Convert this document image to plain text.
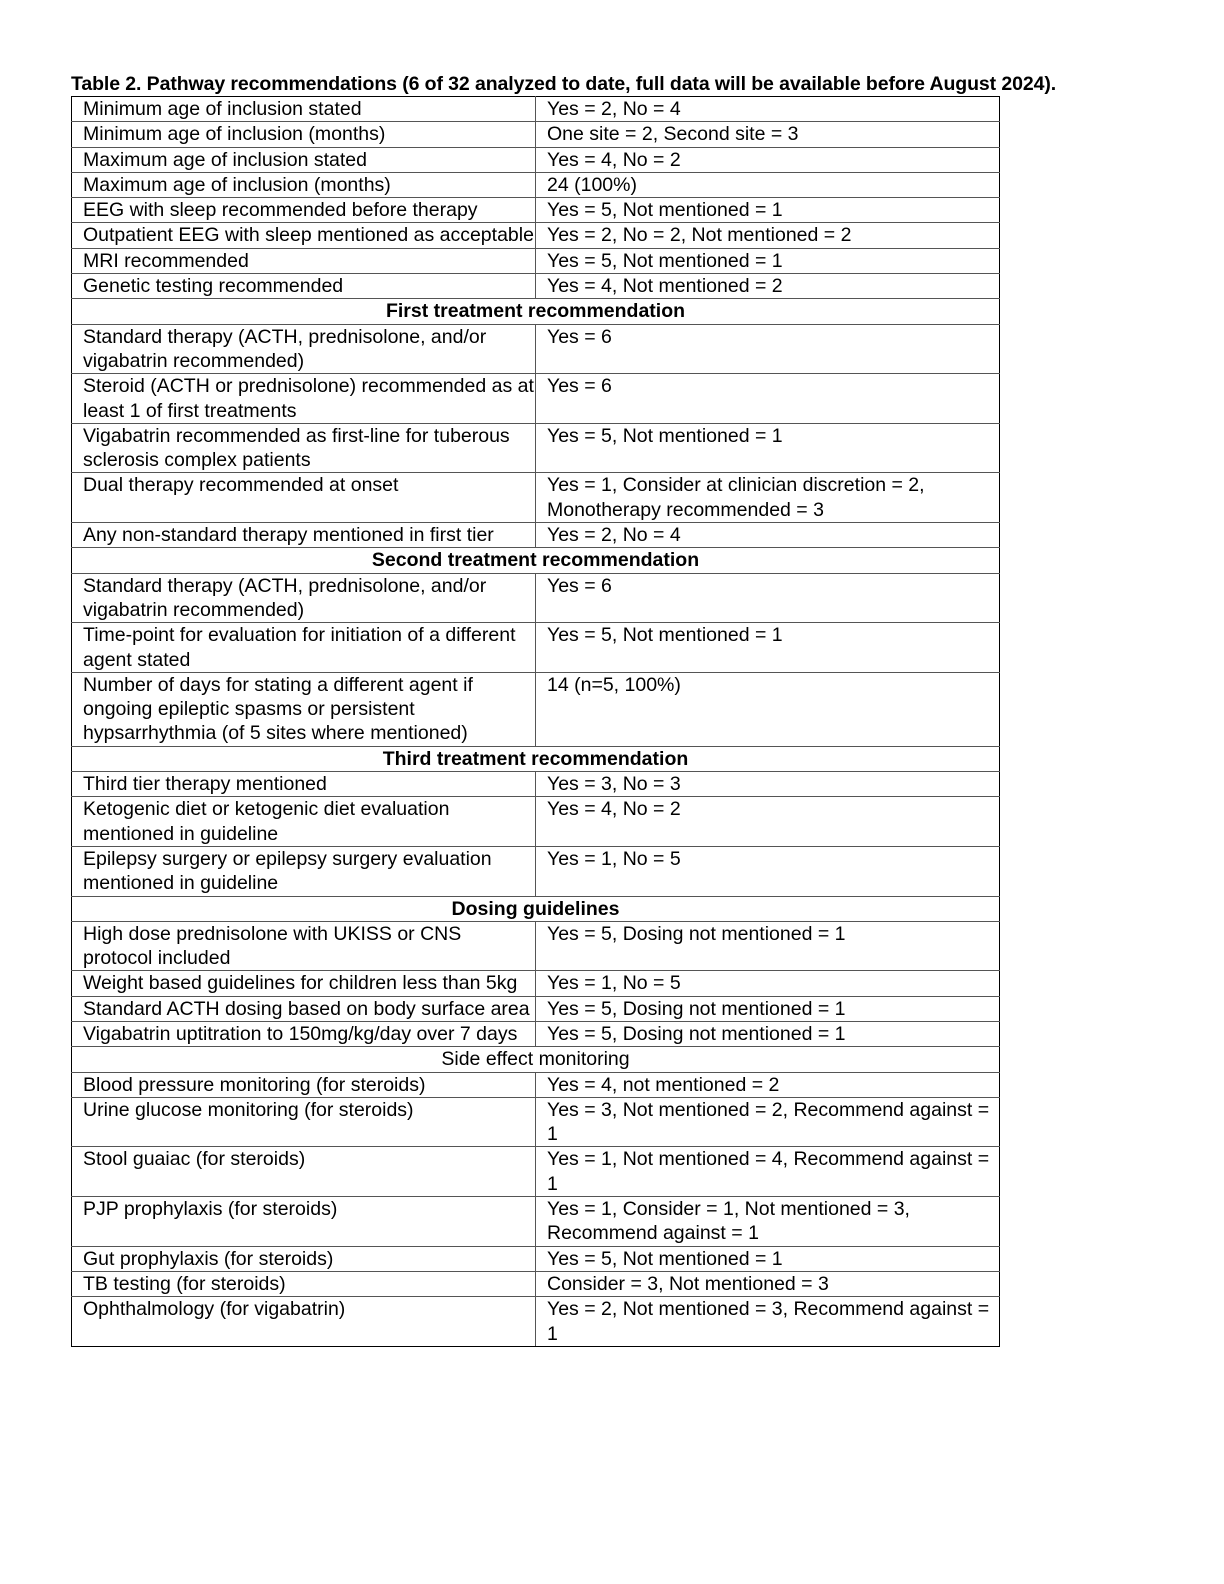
Table 2. Pathway recommendations (6 of 32 analyzed to date, full data will be available before August 2024).
Minimum age of inclusion stated	Yes = 2, No = 4
Minimum age of inclusion (months)	One site = 2, Second site = 3
Maximum age of inclusion stated	Yes = 4, No = 2
Maximum age of inclusion (months)	24 (100%)
EEG with sleep recommended before therapy	Yes = 5, Not mentioned = 1
Outpatient EEG with sleep mentioned as acceptable	Yes = 2, No = 2, Not mentioned = 2
MRI recommended	Yes = 5, Not mentioned = 1
Genetic testing recommended	Yes = 4, Not mentioned = 2
First treatment recommendation	
Standard therapy (ACTH, prednisolone, and/or vigabatrin recommended)	Yes = 6
Steroid (ACTH or prednisolone) recommended as at least 1 of first treatments	Yes = 6
Vigabatrin recommended as first-line for tuberous sclerosis complex patients	Yes = 5, Not mentioned = 1
Dual therapy recommended at onset	Yes = 1, Consider at clinician discretion = 2, Monotherapy recommended = 3
Any non-standard therapy mentioned in first tier	Yes = 2, No = 4
Second treatment recommendation	
Standard therapy (ACTH, prednisolone, and/or vigabatrin recommended)	Yes = 6
Time-point for evaluation for initiation of a different agent stated	Yes = 5, Not mentioned = 1
Number of days for stating a different agent if ongoing epileptic spasms or persistent hypsarrhythmia (of 5 sites where mentioned)	14 (n=5, 100%)
Third treatment recommendation	
Third tier therapy mentioned	Yes = 3, No = 3
Ketogenic diet or ketogenic diet evaluation mentioned in guideline	Yes = 4, No = 2
Epilepsy surgery or epilepsy surgery evaluation mentioned in guideline	Yes = 1, No = 5
Dosing guidelines	
High dose prednisolone with UKISS or CNS protocol included	Yes = 5, Dosing not mentioned = 1
Weight based guidelines for children less than 5kg	Yes = 1, No = 5
Standard ACTH dosing based on body surface area	Yes = 5, Dosing not mentioned = 1
Vigabatrin uptitration to 150mg/kg/day over 7 days	Yes = 5, Dosing not mentioned = 1
Side effect monitoring	
Blood pressure monitoring (for steroids)	Yes = 4, not mentioned = 2
Urine glucose monitoring (for steroids)	Yes = 3, Not mentioned = 2, Recommend against = 1
Stool guaiac (for steroids)	Yes = 1, Not mentioned = 4, Recommend against = 1
PJP prophylaxis (for steroids)	Yes = 1, Consider = 1, Not mentioned = 3, Recommend against = 1
Gut prophylaxis (for steroids)	Yes = 5, Not mentioned = 1
TB testing (for steroids)	Consider = 3, Not mentioned = 3
Ophthalmology (for vigabatrin)	Yes = 2, Not mentioned = 3, Recommend against = 1
